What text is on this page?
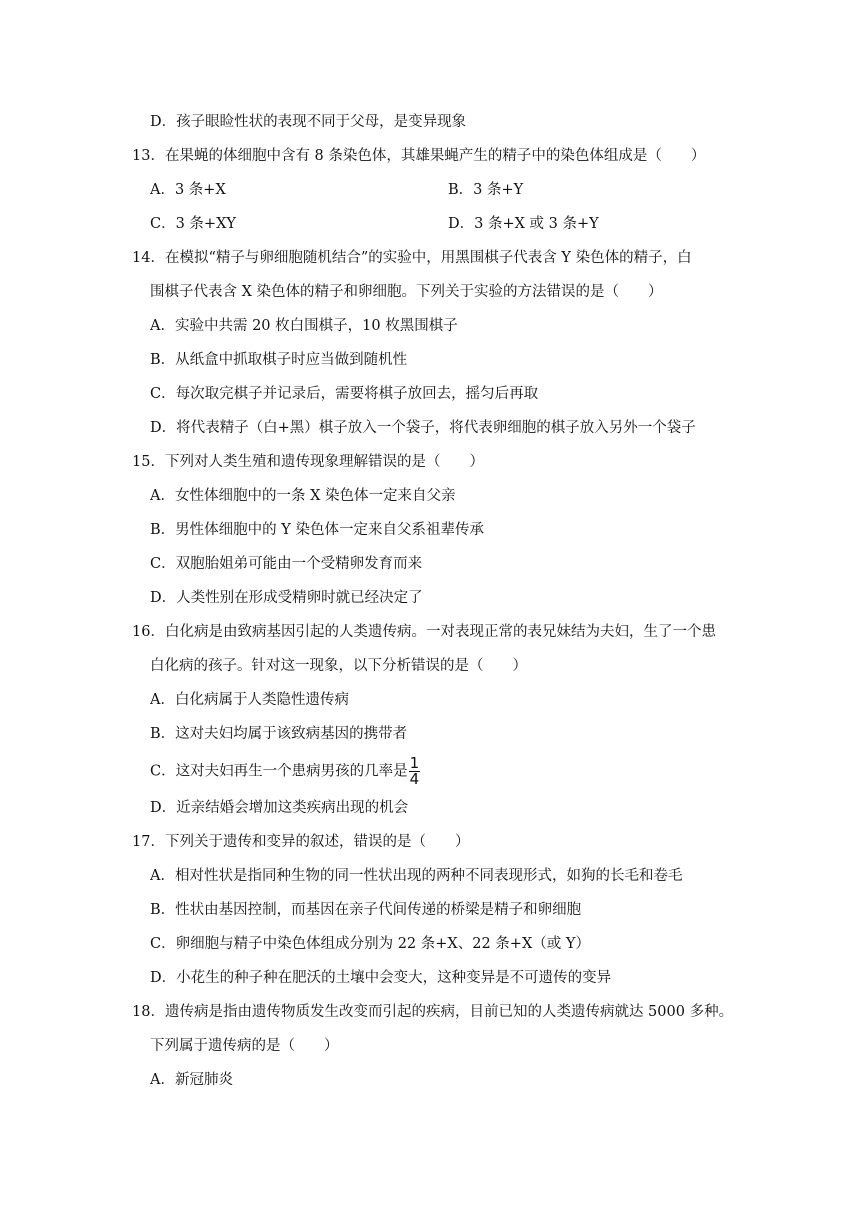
D．孩子眼睑性状的表现不同于父母，是变异现象
13．在果蝇的体细胞中含有 8 条染色体，其雄果蝇产生的精子中的染色体组成是（　　）
A．3 条+X	B．3 条+Y
C．3 条+XY	D．3 条+X 或 3 条+Y
14．在模拟“精子与卵细胞随机结合”的实验中，用黑围棋子代表含 Y 染色体的精子，白
围棋子代表含 X 染色体的精子和卵细胞。下列关于实验的方法错误的是（　　）
A．实验中共需 20 枚白围棋子，10 枚黑围棋子
B．从纸盒中抓取棋子时应当做到随机性
C．每次取完棋子并记录后，需要将棋子放回去，摇匀后再取
D．将代表精子（白+黑）棋子放入一个袋子，将代表卵细胞的棋子放入另外一个袋子
15．下列对人类生殖和遗传现象理解错误的是（　　）
A．女性体细胞中的一条 X 染色体一定来自父亲
B．男性体细胞中的 Y 染色体一定来自父系祖辈传承
C．双胞胎姐弟可能由一个受精卵发育而来
D．人类性别在形成受精卵时就已经决定了
16．白化病是由致病基因引起的人类遗传病。一对表现正常的表兄妹结为夫妇，生了一个患
白化病的孩子。针对这一现象，以下分析错误的是（　　）
A．白化病属于人类隐性遗传病
B．这对夫妇均属于该致病基因的携带者
C．这对夫妇再生一个患病男孩的几率是 $\frac{1}{4}$
D．近亲结婚会增加这类疾病出现的机会
17．下列关于遗传和变异的叙述，错误的是（　　）
A．相对性状是指同种生物的同一性状出现的两种不同表现形式，如狗的长毛和卷毛
B．性状由基因控制，而基因在亲子代间传递的桥梁是精子和卵细胞
C．卵细胞与精子中染色体组成分别为 22 条+X、22 条+X（或 Y）
D．小花生的种子种在肥沃的土壤中会变大，这种变异是不可遗传的变异
18．遗传病是指由遗传物质发生改变而引起的疾病，目前已知的人类遗传病就达 5000 多种。
下列属于遗传病的是（　　）
A．新冠肺炎
